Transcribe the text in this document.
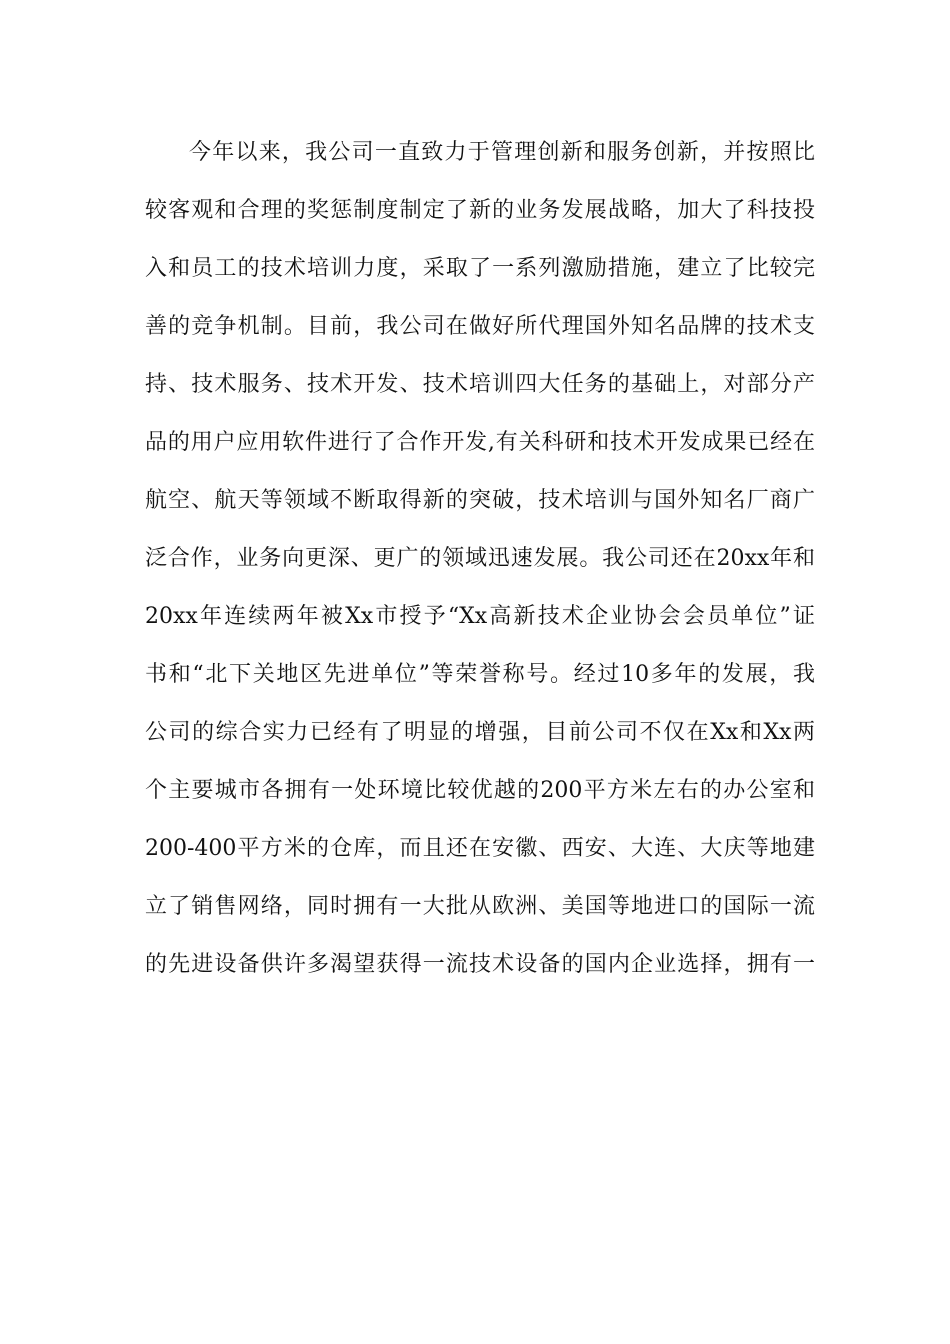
今年以来，我公司一直致力于管理创新和服务创新，并按照比
较客观和合理的奖惩制度制定了新的业务发展战略，加大了科技投
入和员工的技术培训力度，采取了一系列激励措施，建立了比较完
善的竞争机制。目前，我公司在做好所代理国外知名品牌的技术支
持、技术服务、技术开发、技术培训四大任务的基础上，对部分产
品的用户应用软件进行了合作开发,有关科研和技术开发成果已经在
航空、航天等领域不断取得新的突破，技术培训与国外知名厂商广
泛合作，业务向更深、更广的领域迅速发展。我公司还在20xx年和
20xx年连续两年被Xx市授予“Xx高新技术企业协会会员单位”证
书和“北下关地区先进单位”等荣誉称号。经过10多年的发展，我
公司的综合实力已经有了明显的增强，目前公司不仅在Xx和Xx两
个主要城市各拥有一处环境比较优越的200平方米左右的办公室和
200-400平方米的仓库，而且还在安徽、西安、大连、大庆等地建
立了销售网络，同时拥有一大批从欧洲、美国等地进口的国际一流
的先进设备供许多渴望获得一流技术设备的国内企业选择，拥有一
